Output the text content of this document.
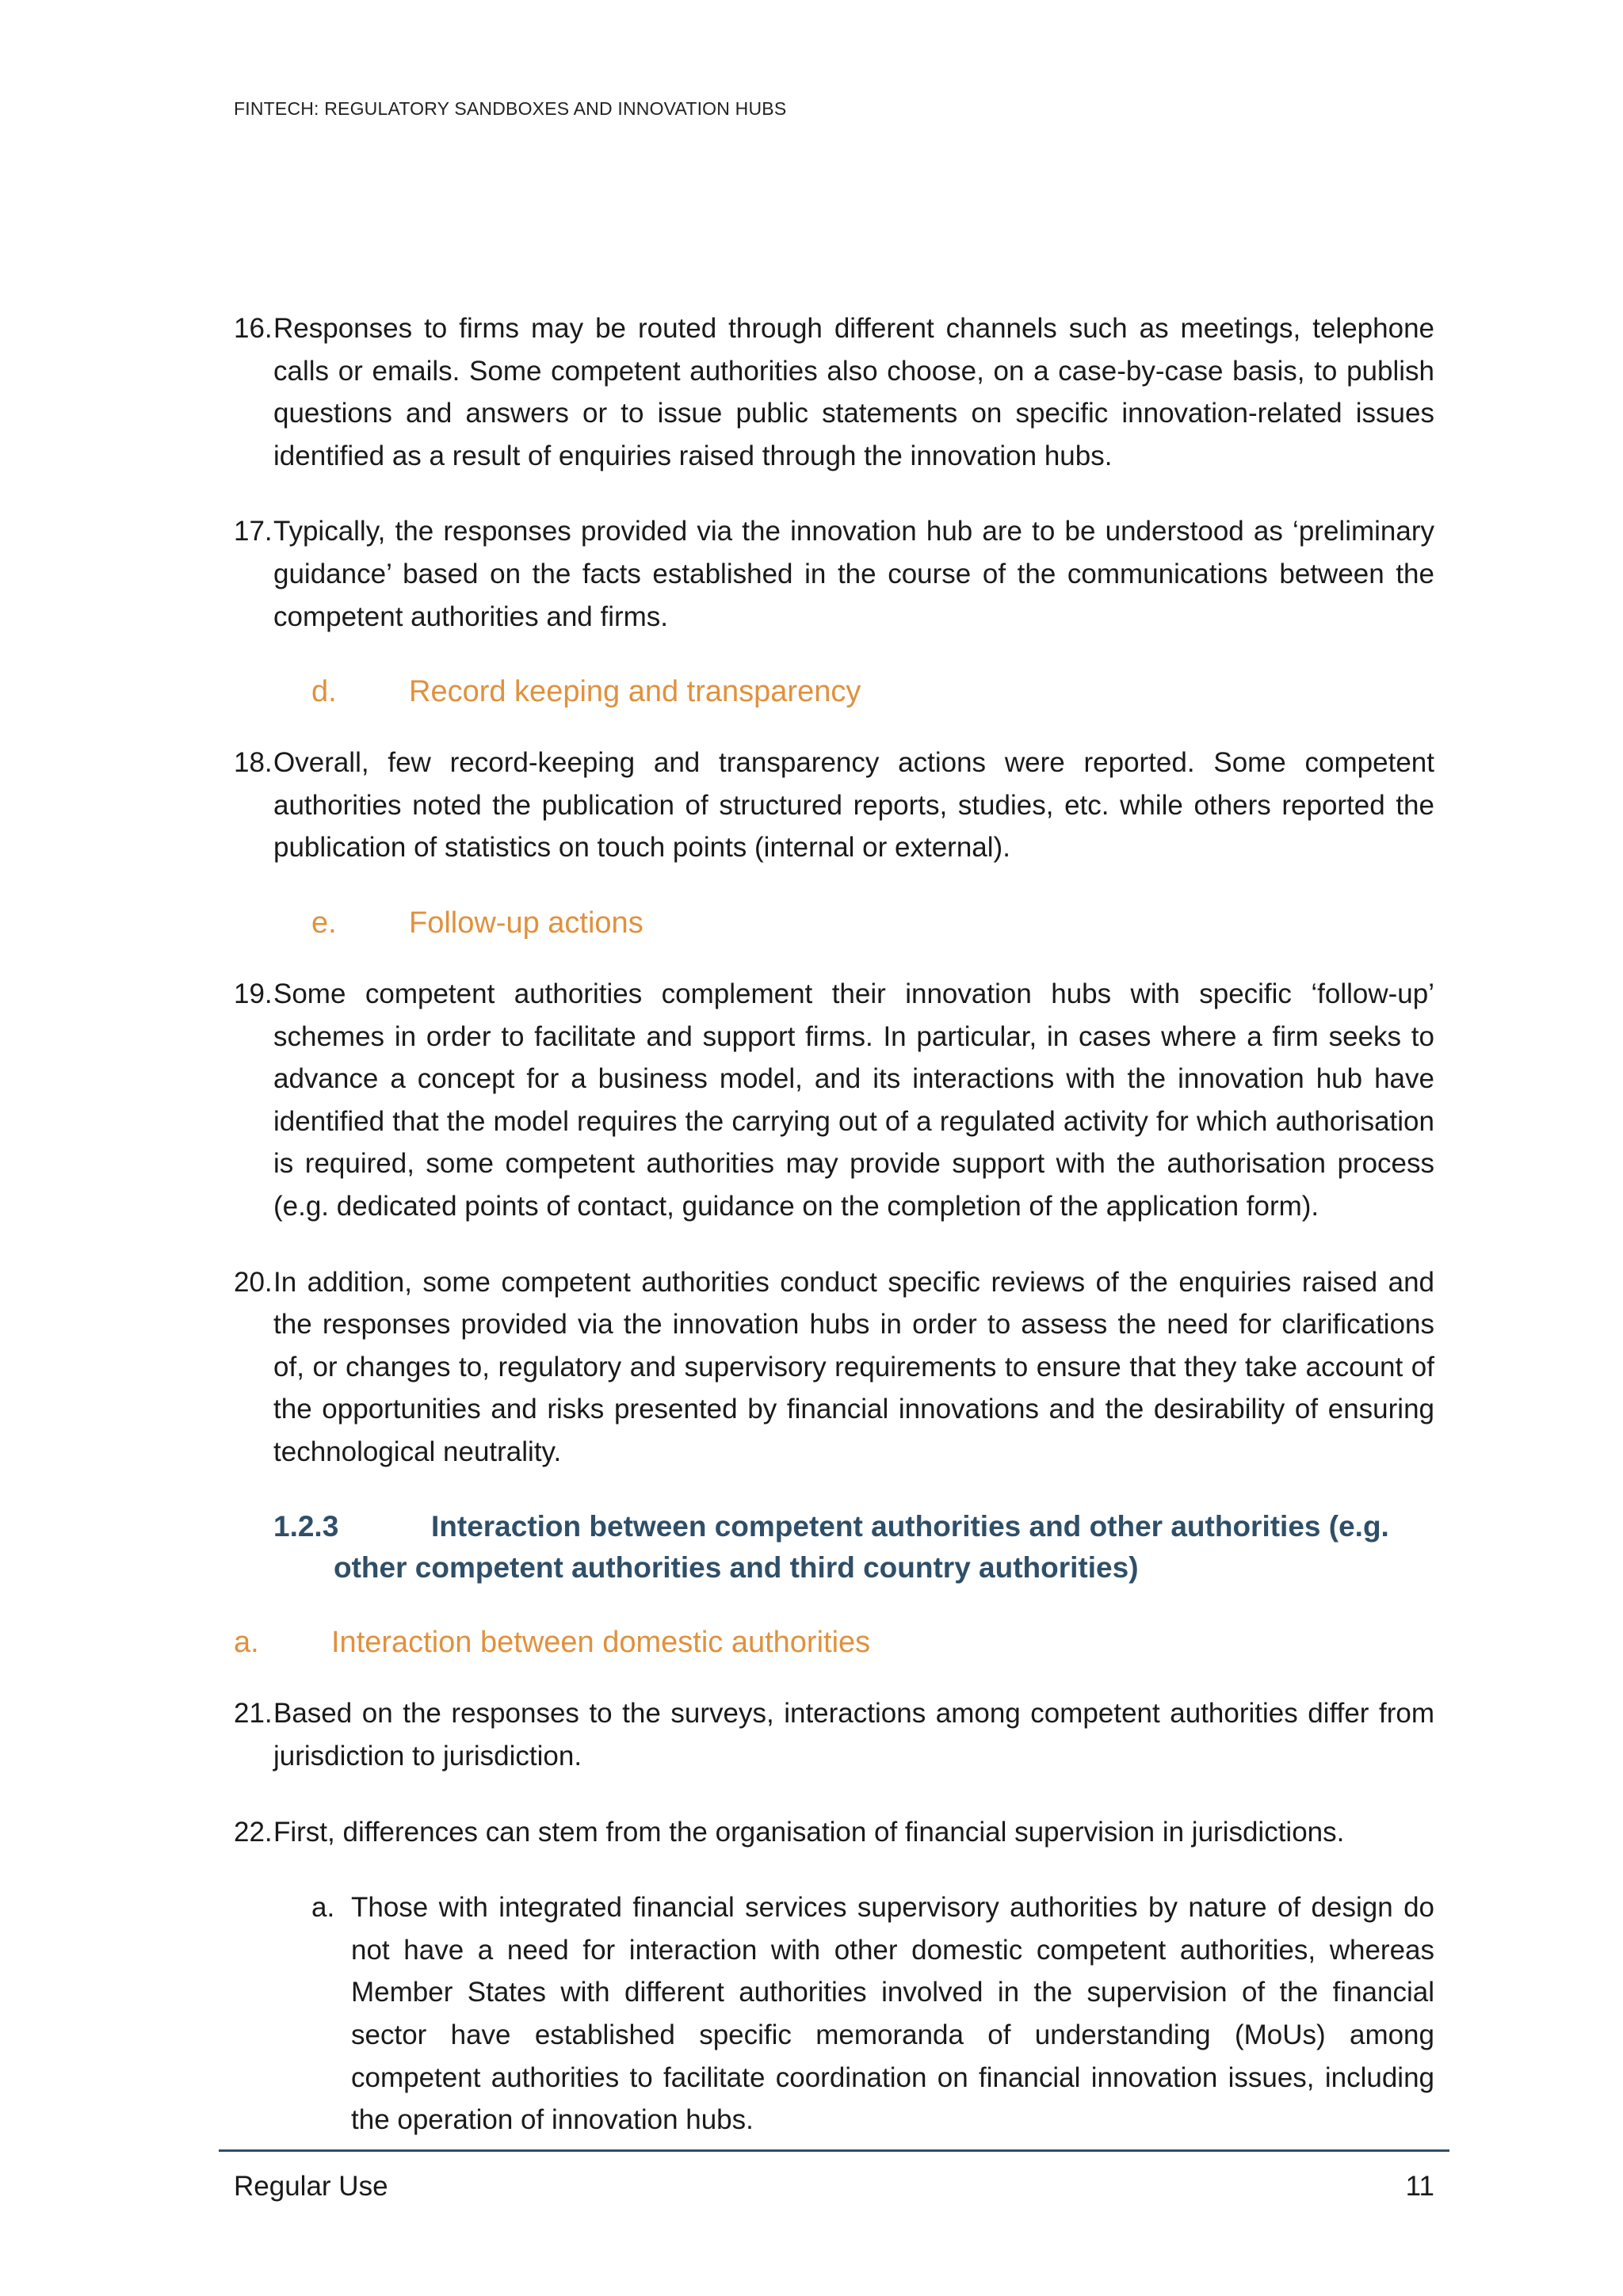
FINTECH: REGULATORY SANDBOXES AND INNOVATION HUBS

16. Responses to firms may be routed through different channels such as meetings, telephone calls or emails. Some competent authorities also choose, on a case-by-case basis, to publish questions and answers or to issue public statements on specific innovation-related issues identified as a result of enquiries raised through the innovation hubs.

17. Typically, the responses provided via the innovation hub are to be understood as ‘preliminary guidance’ based on the facts established in the course of the communications between the competent authorities and firms.

d. Record keeping and transparency

18. Overall, few record-keeping and transparency actions were reported. Some competent authorities noted the publication of structured reports, studies, etc. while others reported the publication of statistics on touch points (internal or external).

e. Follow-up actions

19. Some competent authorities complement their innovation hubs with specific ‘follow-up’ schemes in order to facilitate and support firms. In particular, in cases where a firm seeks to advance a concept for a business model, and its interactions with the innovation hub have identified that the model requires the carrying out of a regulated activity for which authorisation is required, some competent authorities may provide support with the authorisation process (e.g. dedicated points of contact, guidance on the completion of the application form).

20. In addition, some competent authorities conduct specific reviews of the enquiries raised and the responses provided via the innovation hubs in order to assess the need for clarifications of, or changes to, regulatory and supervisory requirements to ensure that they take account of the opportunities and risks presented by financial innovations and the desirability of ensuring technological neutrality.

1.2.3	Interaction between competent authorities and other authorities (e.g.
other competent authorities and third country authorities)
a. Interaction between domestic authorities

21. Based on the responses to the surveys, interactions among competent authorities differ from jurisdiction to jurisdiction.

22. First, differences can stem from the organisation of financial supervision in jurisdictions.

a. Those with integrated financial services supervisory authorities by nature of design do not have a need for interaction with other domestic competent authorities, whereas Member States with different authorities involved in the supervision of the financial sector have established specific memoranda of understanding (MoUs) among competent authorities to facilitate coordination on financial innovation issues, including the operation of innovation hubs.

Regular Use	11
